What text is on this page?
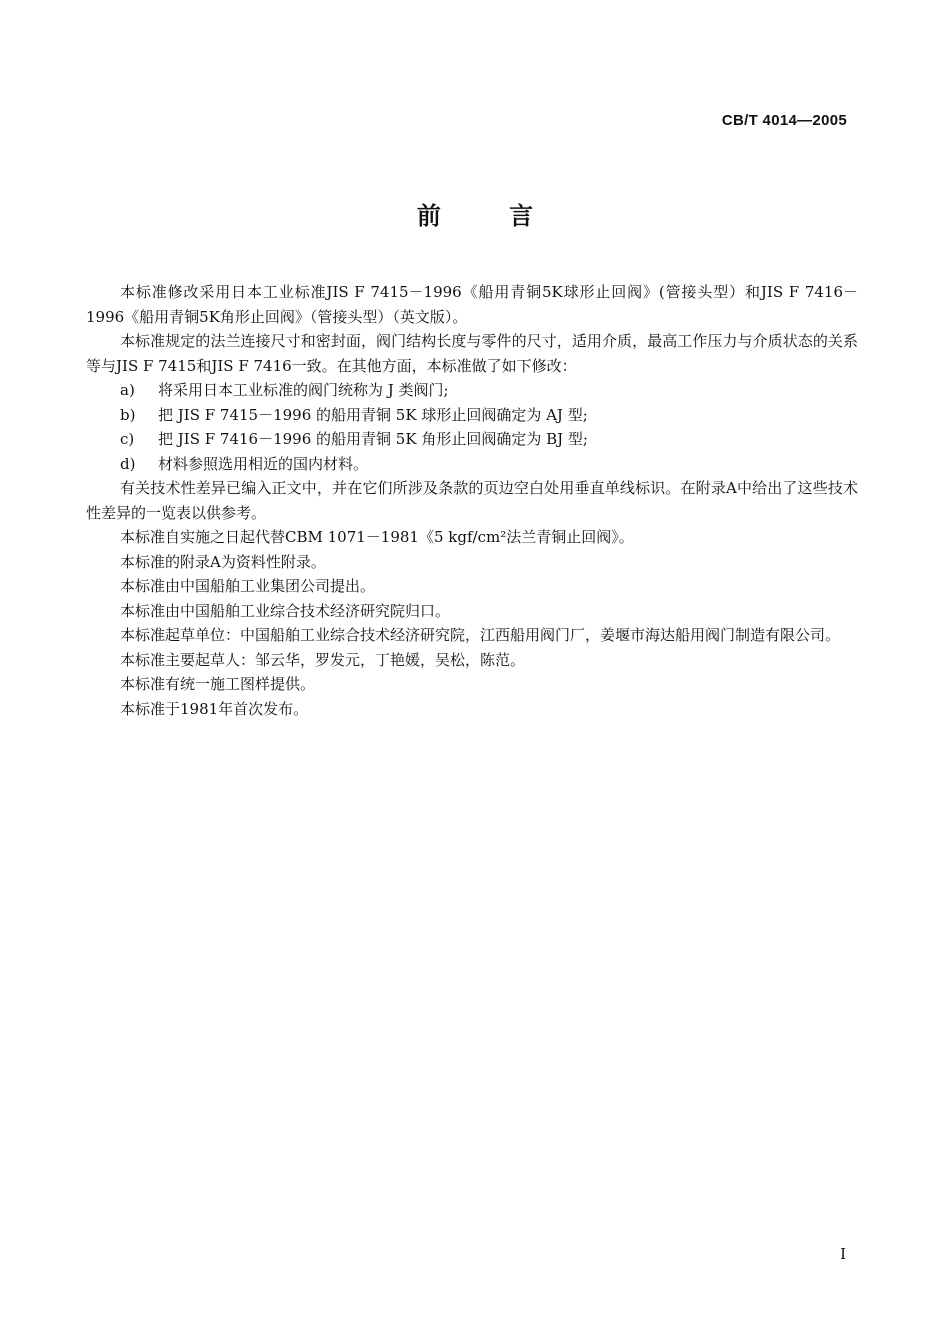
CB/T 4014—2005
前 言

本标准修改采用日本工业标准JIS F 7415－1996《船用青铜5K球形止回阀》(管接头型）和JIS F 7416－1996《船用青铜5K角形止回阀》（管接头型）（英文版）。

本标准规定的法兰连接尺寸和密封面，阀门结构长度与零件的尺寸，适用介质，最高工作压力与介质状态的关系等与JIS F 7415和JIS F 7416一致。在其他方面，本标准做了如下修改：

a)	将采用日本工业标准的阀门统称为 J 类阀门;
b)	把 JIS F 7415－1996 的船用青铜 5K 球形止回阀确定为 AJ 型;
c)	把 JIS F 7416－1996 的船用青铜 5K 角形止回阀确定为 BJ 型;
d)	材料参照选用相近的国内材料。

有关技术性差异已编入正文中，并在它们所涉及条款的页边空白处用垂直单线标识。在附录A中给出了这些技术性差异的一览表以供参考。

本标准自实施之日起代替CBM 1071－1981《5 kgf/cm²法兰青铜止回阀》。

本标准的附录A为资料性附录。

本标准由中国船舶工业集团公司提出。

本标准由中国船舶工业综合技术经济研究院归口。

本标准起草单位：中国船舶工业综合技术经济研究院，江西船用阀门厂，姜堰市海达船用阀门制造有限公司。

本标准主要起草人：邹云华，罗发元，丁艳媛，吴松，陈范。

本标准有统一施工图样提供。

本标准于1981年首次发布。

I
